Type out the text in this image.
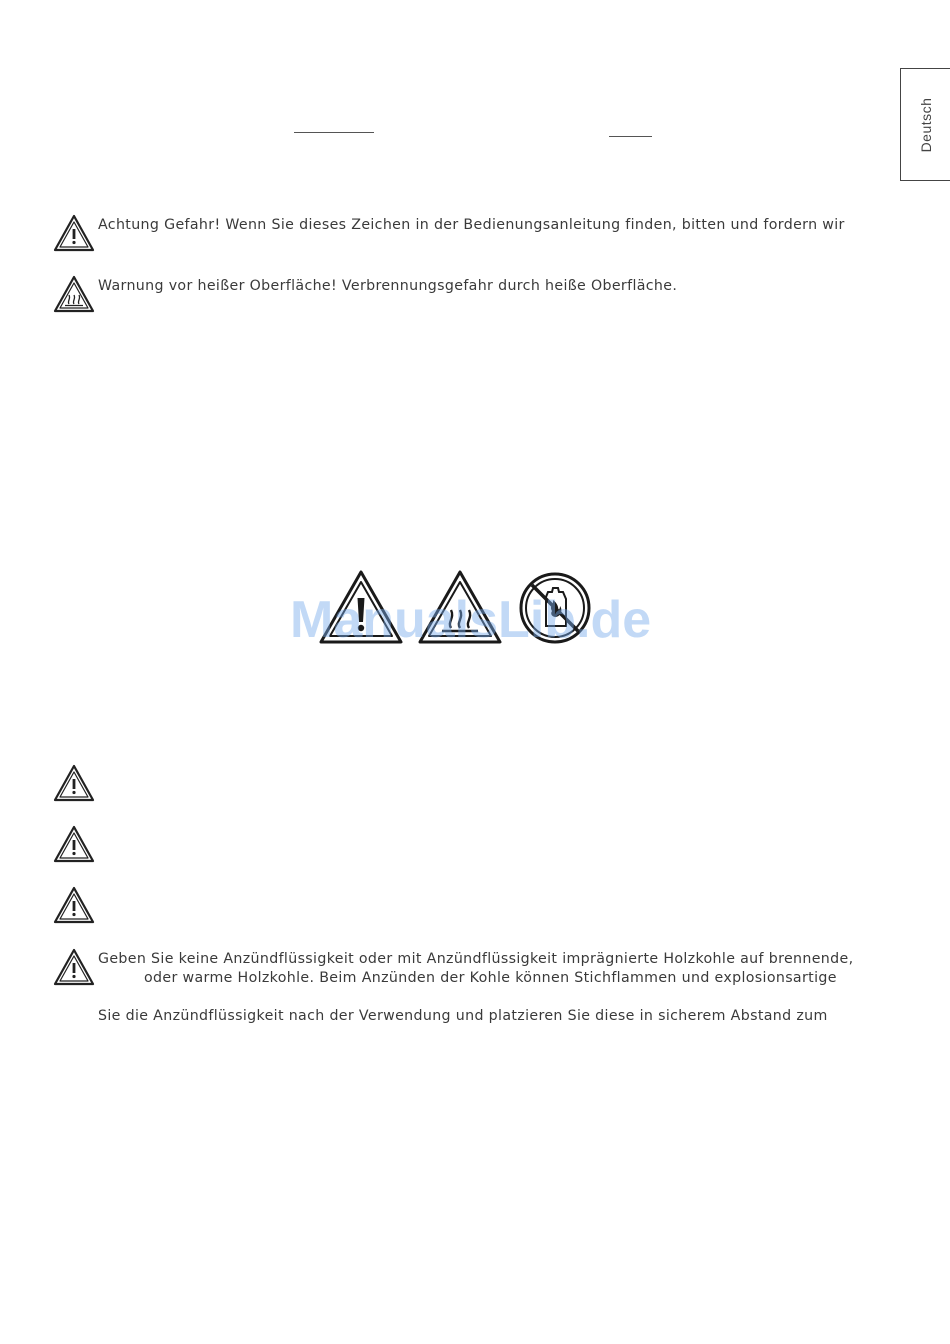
Deutsch
Achtung Gefahr! Wenn Sie dieses Zeichen in der Bedienungsanleitung finden, bitten und fordern wir
Warnung vor heißer Oberfläche! Verbrennungsgefahr durch heiße Oberfläche.
ManualsLib.de
Geben Sie keine Anzündflüssigkeit oder mit Anzündflüssigkeit imprägnierte Holzkohle auf brennende,
oder warme Holzkohle. Beim Anzünden der Kohle können Stichflammen und explosionsartige
Sie die Anzündflüssigkeit nach der Verwendung und platzieren Sie diese in sicherem Abstand zum
